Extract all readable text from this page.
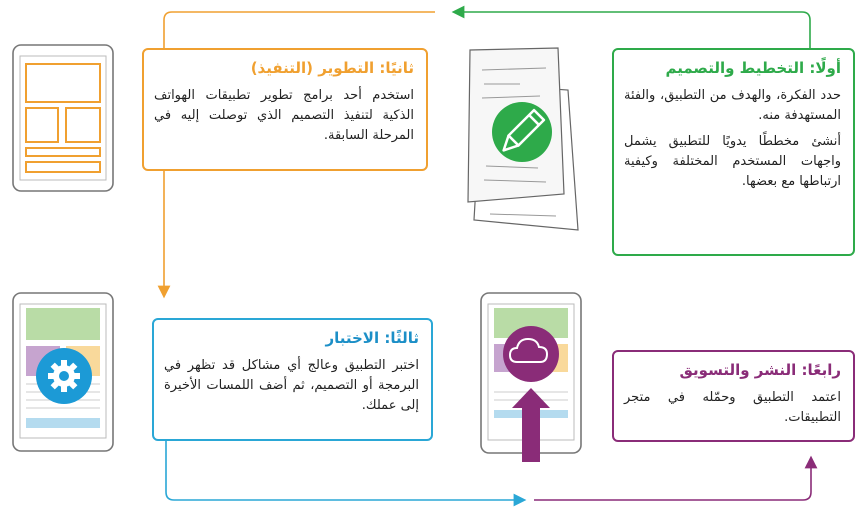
أولًا: التخطيط والتصميم

حدد الفكرة، والهدف من التطبيق، والفئة المستهدفة منه.

أنشئ مخططًا يدويًا للتطبيق يشمل واجهات المستخدم المختلفة وكيفية ارتباطها مع بعضها.

ثانيًا: التطوير (التنفيذ)

استخدم أحد برامج تطوير تطبيقات الهواتف الذكية لتنفيذ التصميم الذي توصلت إليه في المرحلة السابقة.

ثالثًا: الاختبار

اختبر التطبيق وعالج أي مشاكل قد تظهر في البرمجة أو التصميم، ثم أضف اللمسات الأخيرة إلى عملك.

رابعًا: النشر والتسويق

اعتمد التطبيق وحمّله في متجر التطبيقات.
